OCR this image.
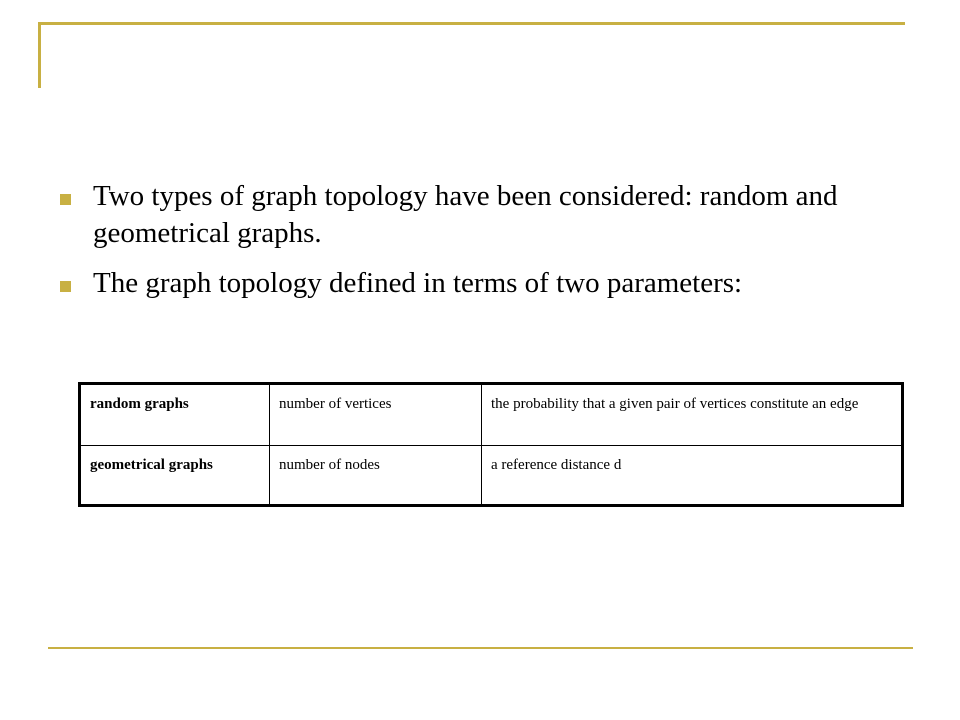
Two types of graph topology have been considered: random and geometrical graphs.
The graph topology defined in terms of two parameters:
random graphs	number of vertices	the probability that a given pair of vertices constitute an edge
geometrical graphs	number of nodes	a reference distance d
